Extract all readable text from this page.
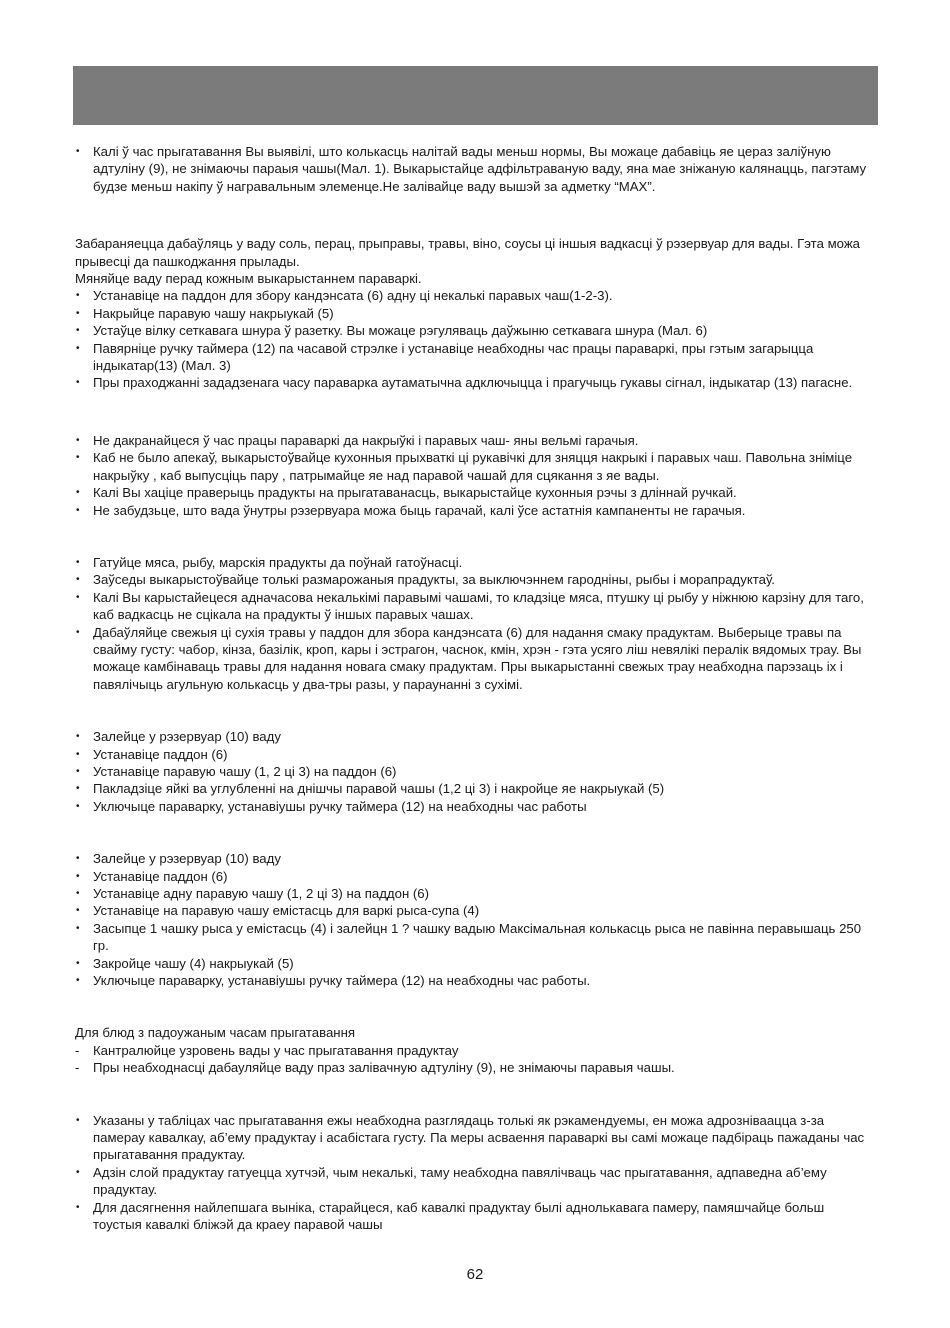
• Калі ў час прыгатавання Вы выявілі, што колькасць налітай вады меньш нормы, Вы можаце дабавіць яе цераз заліўную адтуліну (9), не знімаючы параыя чашы(Мал. 1). Выкарыстайце адфільтраваную ваду, яна мае зніжаную калянацць, пагэтаму будзе меньш накіпу ў награвальным элеменце.Не залівайце ваду вышэй за адметку “MAX”.

Забараняецца дабаўляць у ваду соль, перац, прыправы, травы, віно, соусы ці іншыя вадкасці ў рэзервуар для вады. Гэта можа прывесці да пашкоджання прылады.

Мяняйце ваду перад кожным выкарыстаннем параваркі.

• Устанавіце на паддон для збору кандэнсата (6) адну ці некалькі паравых чаш(1-2-3).
• Накрыйце паравую чашу накрыукай (5)
• Устаўце вілку сеткавага шнура ў разетку. Вы можаце рэгуляваць даўжыню сеткавага шнура (Мал. 6)
• Павярніце ручку таймера (12) па часавой стрэлке і устанавіце неабходны час працы параваркі, пры гэтым загарыцца індыкатар(13) (Мал. 3)
• Пры праходжанні зададзенага часу параварка аутаматычна адключыцца і прагучыць гукавы сігнал, індыкатар (13) пагасне.
• Не дакранайцеся ў час працы параваркі да накрыўкі і паравых чаш- яны вельмі гарачыя.
• Каб не было апекаў, выкарыстоўвайце кухонныя прыхваткі ці рукавічкі для зняцця накрыкі і паравых чаш. Павольна зніміце накрыўку , каб выпусціць пару , патрымайце яе над паравой чашай для сцякання з яе вады.
• Калі Вы хаціце праверыць прадукты на прыгатаванасць, выкарыстайце кухонныя рэчы з дліннай ручкай.
• Не забудзьце, што вада ўнутры рэзервуара можа быць гарачай, калі ўсе астатнія кампаненты не гарачыя.
• Гатуйце мяса, рыбу, марскія прадукты да поўнай гатоўнасці.
• Заўседы выкарыстоўвайце толькі размарожаныя прадукты, за выключэннем гароднiны, рыбы і морапрадуктаў.
• Калі Вы карыстайецеся адначасова некалькімі паравымі чашамі, то кладзіце мяса, птушку ці рыбу у ніжнюю карзіну для таго, каб вадкасць не сцікала на прадукты ў іншых паравых чашах.
• Дабаўляйце свежыя ці сухія травы у паддон для збора кандэнсата (6) для надання смаку прадуктам. Выберыце травы па свайму густу: чабор, кінза, базілік, кроп, кары і эстрагон, часнок, кмін, хрэн - гэта усяго ліш невялікі пералік вядомых трау. Вы можаце камбінаваць травы для надання новага смаку прадуктам. Пры выкарыстанні свежых трау неабходна парэзаць іх і павялічыць агульную колькасць у два-тры разы, у параунанні з сухімі.
• Залейце у рэзервуар (10) ваду
• Устанавіце паддон (6)
• Устанавіце паравую чашу (1, 2 ці 3) на паддон (6)
• Пакладзіце яйкі ва углубленні на днішчы паравой чашы (1,2 ці 3) і накройце яе накрыукай (5)
• Уключыце параварку, устанавіушы ручку таймера (12) на неабходны час работы
• Залейце у рэзервуар (10) ваду
• Устанавіце паддон (6)
• Устанавіце адну паравую чашу (1, 2 ці 3) на паддон (6)
• Устанавіце на паравую чашу емістасць для варкі рыса-супа (4)
• Засыпце 1 чашку рыса у емістасць (4) і залейцн 1 ? чашку вадыю Максімальная колькасць рыса не павінна перавышаць 250 гр.
• Закройце чашу (4) накрыукай (5)
• Уключыце параварку, устанавіушы ручку таймера (12) на неабходны час работы.

Для блюд з падоужаным часам прыгатавання

- Кантралюйце узровень вады у час прыгатавання прадуктау
- Пры неабходнасці дабауляйце ваду праз залівачную адтуліну (9), не знімаючы паравыя чашы.
• Указаны у табліцах час прыгатавання ежы неабходна разглядаць толькі як рэкамендуемы, ен можа адрозніваацца з-за памерау кавалкау, аб’ему прадуктау і асабістага густу. Па меры асваення параваркі вы самі можаце падбіраць пажаданы час прыгатавання прадуктау.
• Адзін слой прадуктау гатуецца хутчэй, чым некалькі, таму неабходна павялічваць час прыгатавання, адпаведна аб’ему прадуктау.
• Для дасягнення найлепшага выніка, старайцеся, каб кавалкі прадуктау былі аднолькавага памеру, памяшчайце больш тоустыя кавалкі бліжэй да краеу паравой чашы
62
